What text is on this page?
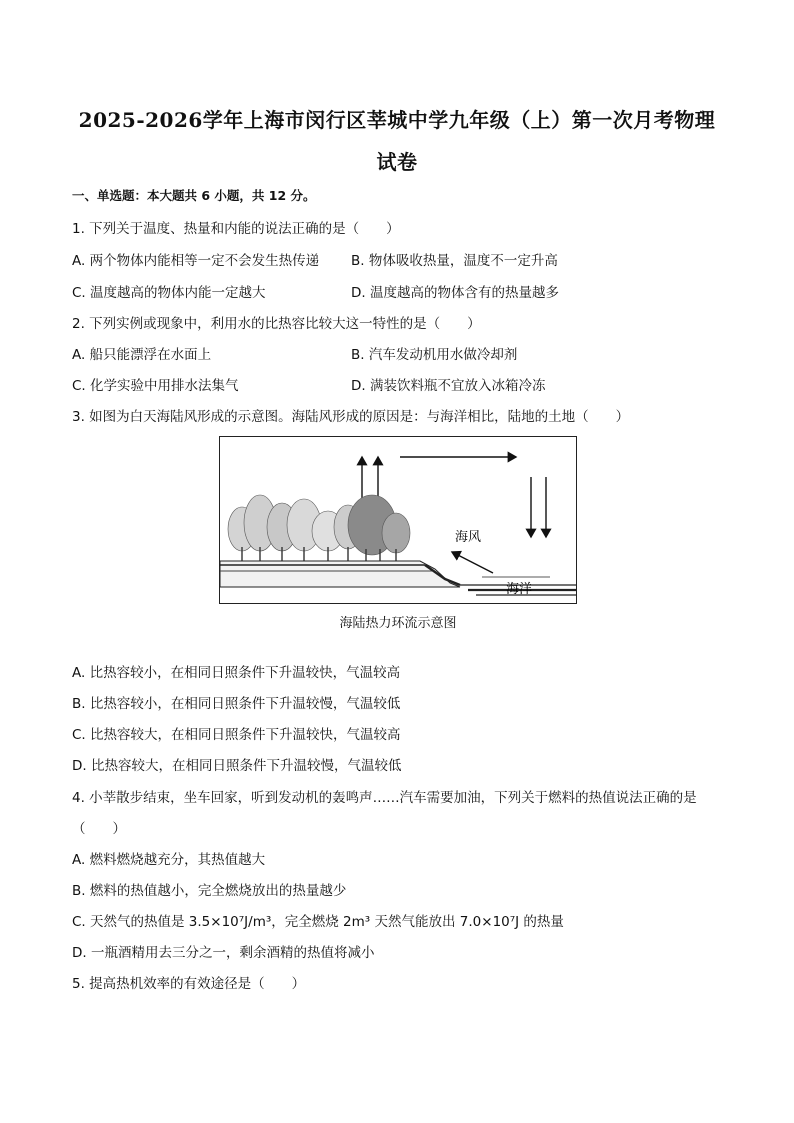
2025-2026学年上海市闵行区莘城中学九年级（上）第一次月考物理
试卷
一、单选题：本大题共 6 小题，共 12 分。
1. 下列关于温度、热量和内能的说法正确的是（　　）
A. 两个物体内能相等一定不会发生热传递 B. 物体吸收热量，温度不一定升高
C. 温度越高的物体内能一定越大	D. 温度越高的物体含有的热量越多
2. 下列实例或现象中，利用水的比热容比较大这一特性的是（　　）
A. 船只能漂浮在水面上	B. 汽车发动机用水做冷却剂
C. 化学实验中用排水法集气	D. 满装饮料瓶不宜放入冰箱冷冻
3. 如图为白天海陆风形成的示意图。海陆风形成的原因是：与海洋相比，陆地的土地（　　）
海风
海洋
海陆热力环流示意图
A. 比热容较小，在相同日照条件下升温较快，气温较高
B. 比热容较小，在相同日照条件下升温较慢，气温较低
C. 比热容较大，在相同日照条件下升温较快，气温较高
D. 比热容较大，在相同日照条件下升温较慢，气温较低
4. 小莘散步结束，坐车回家，听到发动机的轰鸣声……汽车需要加油，下列关于燃料的热值说法正确的是
（　　）
A. 燃料燃烧越充分，其热值越大
B. 燃料的热值越小，完全燃烧放出的热量越少
C. 天然气的热值是 3.5×10⁷J/m³，完全燃烧 2m³ 天然气能放出 7.0×10⁷J 的热量
D. 一瓶酒精用去三分之一，剩余酒精的热值将减小
5. 提高热机效率的有效途径是（　　）
